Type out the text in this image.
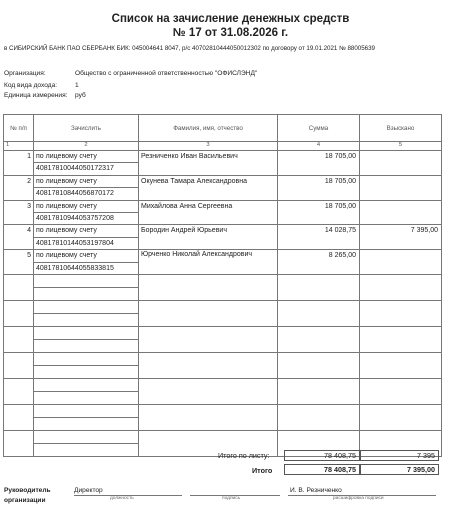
Список на зачисление денежных средств
№ 17 от 31.08.2026 г.
в СИБИРСКИЙ БАНК ПАО СБЕРБАНК БИК: 045004641 8047, р/с 40702810444050012302 по договору от 19.01.2021 № 88005639
Организация:	Общество с ограниченной ответственностью "ОФИСЛЭНД"
Код вида дохода:	1
Единица измерения: руб
№ п/п	Зачислить	Фамилия, имя, отчество	Сумма	Взыскано
1	2	3	4	5
1	по лицевому счету	Резниченко Иван Васильевич	18 705,00	
	40817810044050172317			
2	по лицевому счету	Окунева Тамара Александровна	18 705,00	
	40817810844056870172			
3	по лицевому счету	Михайлова Анна Сергеевна	18 705,00	
	40817810944053757208			
4	по лицевому счету	Бородин Андрей Юрьевич	14 028,75	7 395,00
	40817810144053197804			
5	по лицевому счету	Юрченко Николай Александрович	8 265,00	
	40817810644055833815			

Итого по листу:	78 408,75	7 395
Итого	78 408,75	7 395,00
Руководитель
организации
Директор	И. В. Резниченко
должность	подпись	расшифровка подписи
